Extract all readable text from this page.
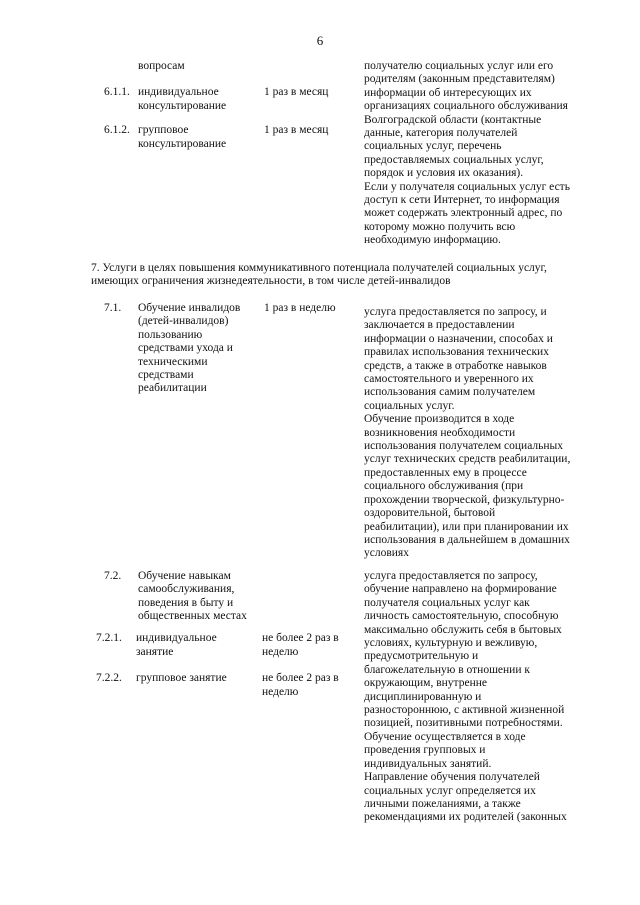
6
вопросам
6.1.1. индивидуальное
консультирование
1 раз в месяц
6.1.2. групповое
консультирование
1 раз в месяц
получателю социальных услуг или его
родителям (законным представителям)
информации об интересующих их
организациях социального обслуживания
Волгоградской области (контактные
данные, категория получателей
социальных услуг, перечень
предоставляемых социальных услуг,
порядок и условия их оказания).
Если у получателя социальных услуг есть
доступ к сети Интернет, то информация
может содержать электронный адрес, по
которому можно получить всю
необходимую информацию.
7. Услуги в целях повышения коммуникативного потенциала получателей социальных услуг,
имеющих ограничения жизнедеятельности, в том числе детей-инвалидов
7.1. Обучение инвалидов
(детей-инвалидов)
пользованию
средствами ухода и
техническими
средствами
реабилитации
1 раз в неделю услуга предоставляется по запросу, и
заключается в предоставлении
информации о назначении, способах и
правилах использования технических
средств, а также в отработке навыков
самостоятельного и уверенного их
использования самим получателем
социальных услуг.
Обучение производится в ходе
возникновения необходимости
использования получателем социальных
услуг технических средств реабилитации,
предоставленных ему в процессе
социального обслуживания (при
прохождении творческой, физкультурно-
оздоровительной, бытовой
реабилитации), или при планировании их
использования в дальнейшем в домашних
условиях
7.2. Обучение навыкам
самообслуживания,
поведения в быту и
общественных местах
7.2.1. индивидуальное
занятие
не более 2 раз в
неделю
7.2.2. групповое занятие	не более 2 раз в
неделю
услуга предоставляется по запросу,
обучение направлено на формирование
получателя социальных услуг как
личность самостоятельную, способную
максимально обслужить себя в бытовых
условиях, культурную и вежливую,
предусмотрительную и
благожелательную в отношении к
окружающим, внутренне
дисциплинированную и
разностороннюю, с активной жизненной
позицией, позитивными потребностями.
Обучение осуществляется в ходе
проведения групповых и
индивидуальных занятий.
Направление обучения получателей
социальных услуг определяется их
личными пожеланиями, а также
рекомендациями их родителей (законных
